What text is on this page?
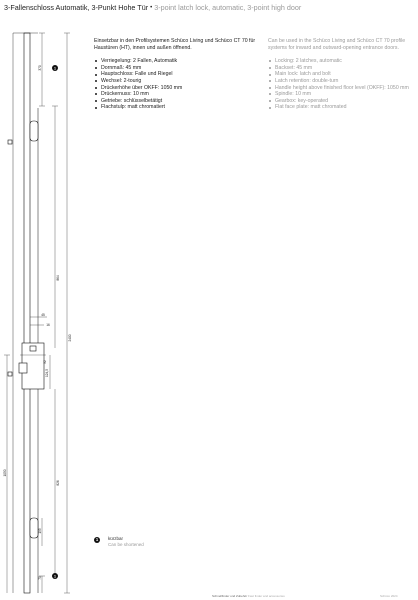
3-Fallenschloss Automatik, 3-Punkt Hohe Tür • 3-point latch lock, automatic, 3-point high door

Einsetzbar in den Profilsystemen Schüco Living und Schüco CT 70 für Haustüren (HT), innen und außen öffnend.

Verriegelung: 2 Fallen, Automatik
Dornmaß: 45 mm
Hauptschloss: Falle und Riegel
Wechsel: 2-tourig
Drückerhöhe über OKFF: 1050 mm
Drückernuss: 10 mm
Getriebe: schlüsselbetätigt
Flachstulp: matt chromatiert

Can be used in the Schüco Living and Schüco CT 70 profile systems for inward and outward-opening entrance doors.

Locking: 2 latches, automatic
Backset: 45 mm
Main lock: latch and bolt
Latch retention: double-turn
Handle height above finished floor level (OKFF): 1050 mm
Spindle: 10 mm
Gearbox: key-operated
Flat face plate: matt chromated
370
864
2400
45
16
92
124,5
826
1050
195
70
1
1
1	kürzbar
Can be shortened
Schnellfinder und Zubehör Fast finder and accessories	Schüco 2024
